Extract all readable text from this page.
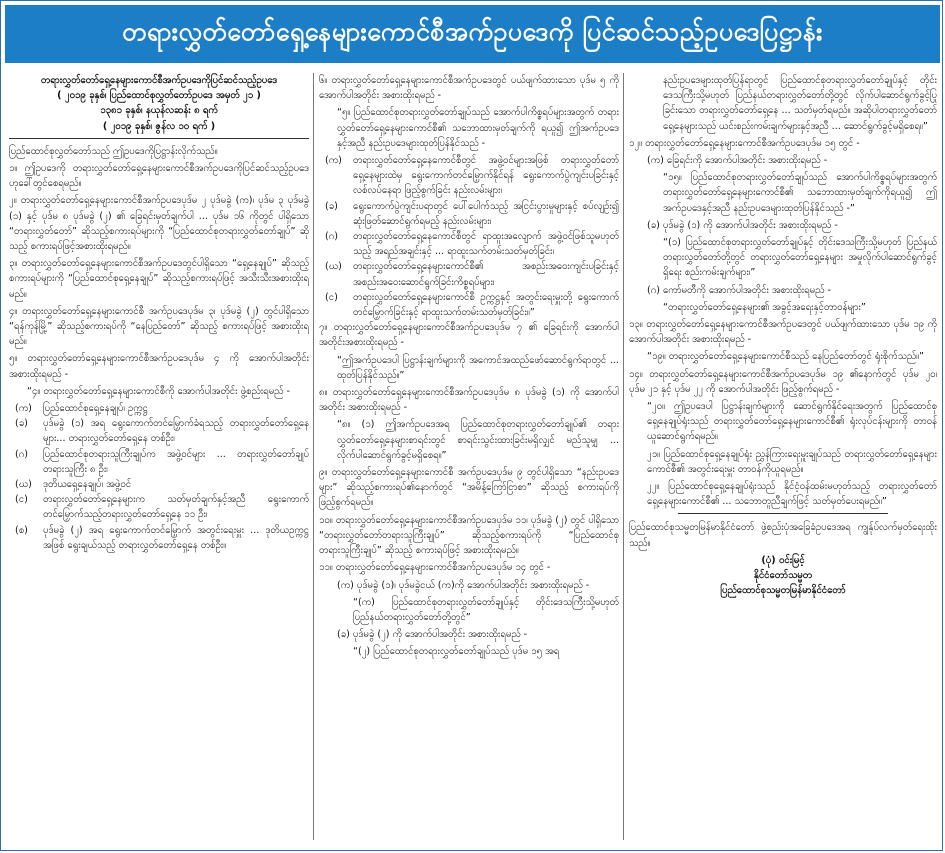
တရားလွှတ်တော်ရှေ့နေများကောင်စီအက်ဥပဒေကို ပြင်ဆင်သည့်ဥပဒေပြဋ္ဌာန်း
တရားလွှတ်တော်ရှေ့နေများကောင်စီအက်ဥပဒေကိုပြင်ဆင်သည့်ဥပဒေ
( ၂၀၁၉ ခုနှစ်၊ ပြည်ထောင်စုလွှတ်တော်ဥပဒေ အမှတ် ၂၁ )
၁၃၈၁ ခုနှစ်၊ နယုန်လဆန်း ၈ ရက်
( ၂၀၁၉ ခုနှစ်၊ ဇွန်လ ၁၀ ရက် )

ပြည်ထောင်စုလွှတ်တော်သည် ဤဥပဒေကိုပြဋ္ဌာန်းလိုက်သည်။

၁။ ဤဥပဒေကို တရားလွှတ်တော်ရှေ့နေများကောင်စီအက်ဥပဒေကိုပြင်ဆင်သည့်ဥပဒေဟုခေါ်တွင်စေရမည်။

၂။ တရားလွှတ်တော်ရှေ့နေများကောင်စီအက်ဥပဒေပုဒ်မ ၂ ပုဒ်မခွဲ (က)၊ ပုဒ်မ ၃ ပုဒ်မခွဲ (၁) နှင့် ပုဒ်မ ၈ ပုဒ်မခွဲ (၂) ၏ ခြေရင်းမှတ်ချက်ပါ ... ပုဒ်မ ၁၆ ကိုတွင် ပါရှိသော “တရားလွှတ်တော်” ဆိုသည့်စကားရပ်များကို “ပြည်ထောင်စုတရားလွှတ်တော်ချုပ်” ဆိုသည့် စကားရပ်ဖြင့်အစားထိုးရမည်။

၃။ တရားလွှတ်တော်ရှေ့နေများကောင်စီအက်ဥပဒေတွင်ပါရှိသော “ရှေ့နေချုပ်” ဆိုသည့် စကားရပ်များကို “ပြည်ထောင်စုရှေ့နေချုပ်” ဆိုသည့်စကားရပ်ဖြင့် အသီးသီးအစားထိုးရမည်။

၄။ တရားလွှတ်တော်ရှေ့နေများကောင်စီ အက်ဥပဒေပုဒ်မ ၃၊ ပုဒ်မခွဲ (၂) တွင်ပါရှိသော “ရန်ကုန်မြို့” ဆိုသည့်စကားရပ်ကို “နေပြည်တော်” ဆိုသည့် စကားရပ်ဖြင့် အစားထိုးရမည်။

၅။ တရားလွှတ်တော်ရှေ့နေများကောင်စီအက်ဥပဒေပုဒ်မ ၄ ကို အောက်ပါအတိုင်း အစားထိုးရမည် -

“၄။ တရားလွှတ်တော်ရှေ့နေများကောင်စီကို အောက်ပါအတိုင်း ဖွဲ့စည်းရမည် -

(က)	ပြည်ထောင်စုရှေ့နေချုပ်၊ ဥက္ကဋ္ဌ
(ခ)	ပုဒ်မခွဲ (၁) အရ ရွေးကောက်တင်မြှောက်ခံရသည့် တရားလွှတ်တော်ရှေ့နေများ... တရားလွှတ်တော်ရှေ့နေ တစ်ဦး၊
(ဂ)	ပြည်ထောင်စုတရားသူကြီးချုပ်က အဖွဲ့ဝင်များ ... တရားလွှတ်တော်ချုပ်တရားသူကြီး ၈ ဦး၊
(ဃ)	ဒုတိယရှေ့နေချုပ်၊ အဖွဲ့ဝင်
(င)	တရားလွှတ်တော်ရှေ့နေများက သတ်မှတ်ချက်နှင့်အညီ ရွေးကောက်တင်မြှောက်သည့်တရားလွှတ်တော်ရှေ့နေ ၁၁ ဦး၊
(စ)	ပုဒ်မခွဲ (၂) အရ ရွေးကောက်တင်မြှောက် အတွင်းရေးမှူး ... ဒုတိယဥက္ကဋ္ဌအဖြစ် ရွေးချယ်သည့် တရားလွှတ်တော်ရှေ့နေ တစ်ဦး။

၆။ တရားလွှတ်တော်ရှေ့နေများကောင်စီအက်ဥပဒေတွင် ပယ်ဖျက်ထားသော ပုဒ်မ ၅ ကို အောက်ပါအတိုင်း အစားထိုးရမည် -

“၅။ ပြည်ထောင်စုတရားလွှတ်တော်ချုပ်သည် အောက်ပါကိစ္စရပ်များအတွက် တရားလွှတ်တော်ရှေ့နေများကောင်စီ၏ သဘောထားမှတ်ချက်ကို ရယူ၍ ဤအက်ဥပဒေနှင့်အညီ နည်းဥပဒေများထုတ်ပြန်နိုင်သည် -

(က)	တရားလွှတ်တော်ရှေ့နေကောင်စီတွင် အဖွဲ့ဝင်များအဖြစ် တရားလွှတ်တော်ရှေ့နေများထဲမှ ရွေးကောက်တင်မြှောက်နိုင်ရန် ရွေးကောက်ပွဲကျင်းပခြင်းနှင့် လစ်လပ်နေရာ ဖြည့်စွက်ခြင်း နည်းလမ်းများ၊
(ခ)	ရွေးကောက်ပွဲကျင်းပရာတွင် ပေါ်ပေါက်သည့် အငြင်းပွားမှုများနှင့် စပ်လျဉ်း၍ ဆုံးဖြတ်ဆောင်ရွက်ရမည့် နည်းလမ်းများ၊
(ဂ)	တရားလွှတ်တော်ရှေ့နေကောင်စီတွင် ရာထူးအလျောက် အဖွဲ့ဝင်ဖြစ်သူမဟုတ်သည့် အရည်အချင်းနှင့် ... ရာထူးသက်တမ်းသတ်မှတ်ခြင်း၊
(ဃ)	တရားလွှတ်တော်ရှေ့နေများကောင်စီ၏ အစည်းအဝေးကျင်းပခြင်းနှင့် အစည်းအဝေးဆောင်ရွက်ခြင်းကိစ္စရပ်များ၊
(င)	တရားလွှတ်တော်ရှေ့နေများကောင်စီ ဥက္ကဋ္ဌနှင့် အတွင်းရေးမှူးတို့ ရွေးကောက်တင်မြှောက်ခြင်းနှင့် ရာထူးသက်တမ်းသတ်မှတ်ခြင်း။”

၇။ တရားလွှတ်တော်ရှေ့နေများကောင်စီအက်ဥပဒေပုဒ်မ ၇ ၏ ခြေရင်းကို အောက်ပါအတိုင်းအစားထိုးရမည် -

“ဤအက်ဥပဒေပါ ပြဋ္ဌာန်းချက်များကို အကောင်အထည်ဖော်ဆောင်ရွက်ရာတွင် ... ထုတ်ပြန်နိုင်သည်။”

၈။ တရားလွှတ်တော်ရှေ့နေများကောင်စီအက်ဥပဒေပုဒ်မ ၈ ပုဒ်မခွဲ (၁) ကို အောက်ပါအတိုင်း အစားထိုးရမည် -

“၈။ (၁) ဤအက်ဥပဒေအရ ပြည်ထောင်စုတရားလွှတ်တော်ချုပ်၏ တရားလွှတ်တော်ရှေ့နေများစာရင်းတွင် စာရင်းသွင်းထားခြင်းမရှိလျှင် မည်သူမျှ ... လိုက်ပါဆောင်ရွက်ခွင့်မရှိစေရ။”

၉။ တရားလွှတ်တော်ရှေ့နေများကောင်စီ အက်ဥပဒေပုဒ်မ ၉ တွင်ပါရှိသော “နည်းဥပဒေများ” ဆိုသည့်စကားရပ်၏နောက်တွင် “အမိန့်ကြော်ငြာစာ” ဆိုသည့် စကားရပ်ကို ဖြည့်စွက်ရမည်။

၁၀။ တရားလွှတ်တော်ရှေ့နေများကောင်စီအက်ဥပဒေပုဒ်မ ၁၁၊ ပုဒ်မခွဲ (၂) တွင် ပါရှိသော “တရားလွှတ်တော်တရားသူကြီးချုပ်” ဆိုသည့်စကားရပ်ကို “ပြည်ထောင်စုတရားသူကြီးချုပ်” ဆိုသည့် စကားရပ်ဖြင့် အစားထိုးရမည်။

၁၁။ တရားလွှတ်တော်ရှေ့နေများကောင်စီအက်ဥပဒေပုဒ်မ ၁၄ တွင် -

(က) ပုဒ်မခွဲ (၁)၊ ပုဒ်မခွဲငယ် (က)ကို အောက်ပါအတိုင်း အစားထိုးရမည် -

“(က) ပြည်ထောင်စုတရားလွှတ်တော်ချုပ်နှင့် တိုင်းဒေသကြီးသို့မဟုတ် ပြည်နယ်တရားလွှတ်တော်တို့တွင်”

(ခ) ပုဒ်မခွဲ (၂) ကို အောက်ပါအတိုင်း အစားထိုးရမည် -

“(၂) ပြည်ထောင်စုတရားလွှတ်တော်ချုပ်သည် ပုဒ်မ ၁၅ အရ

နည်းဥပဒေများထုတ်ပြန်ရာတွင် ပြည်ထောင်စုတရားလွှတ်တော်ချုပ်နှင့် တိုင်းဒေသကြီးသို့မဟုတ် ပြည်နယ်တရားလွှတ်တော်တို့တွင် လိုက်ပါဆောင်ရွက်ခွင့်ပြုခြင်းသော တရားလွှတ်တော်ရှေ့နေ ... သတ်မှတ်ရမည်။ အဆိုပါတရားလွှတ်တော်ရှေ့နေများသည် ယင်းစည်းကမ်းချက်များနှင့်အညီ ... ဆောင်ရွက်ခွင့်မရှိစေရ။”

၁၂။ တရားလွှတ်တော်ရှေ့နေများကောင်စီအက်ဥပဒေပုဒ်မ ၁၅ တွင် -

(က) ခြေရင်းကို အောက်ပါအတိုင်း အစားထိုးရမည် -

“၁၅။ ပြည်ထောင်စုတရားလွှတ်တော်ချုပ်သည် အောက်ပါကိစ္စရပ်များအတွက် တရားလွှတ်တော်ရှေ့နေများကောင်စီ၏ သဘောထားမှတ်ချက်ကိုရယူ၍ ဤအက်ဥပဒေနှင့်အညီ နည်းဥပဒေများထုတ်ပြန်နိုင်သည် -”

(ခ) ပုဒ်မခွဲ (၁) ကို အောက်ပါအတိုင်း အစားထိုးရမည် -

“(၁) ပြည်ထောင်စုတရားလွှတ်တော်ချုပ်နှင့် တိုင်းဒေသကြီးသို့မဟုတ် ပြည်နယ်တရားလွှတ်တော်တို့တွင် တရားလွှတ်တော်ရှေ့နေများ အမှုလိုက်ပါဆောင်ရွက်ခွင့်ရှိရေး စည်းကမ်းချက်များ၊”

(ဂ) ကော်မတီကို အောက်ပါအတိုင်း အစားထိုးရမည် -

“တရားလွှတ်တော်ရှေ့နေများ၏ အခွင့်အရေးနှင့်တာဝန်များ”

၁၃။ တရားလွှတ်တော်ရှေ့နေများကောင်စီအက်ဥပဒေတွင် ပယ်ဖျက်ထားသော ပုဒ်မ ၁၉ ကို အောက်ပါအတိုင်း အစားထိုးရမည် -

“၁၉။ တရားလွှတ်တော်ရှေ့နေများကောင်စီသည် နေပြည်တော်တွင် ရုံးစိုက်သည်။”

၁၄။ တရားလွှတ်တော်ရှေ့နေများကောင်စီအက်ဥပဒေပုဒ်မ ၁၉ ၏နောက်တွင် ပုဒ်မ ၂၀၊ ပုဒ်မ ၂၁ နှင့် ပုဒ်မ ၂၂ ကို အောက်ပါအတိုင်း ဖြည့်စွက်ရမည် -

“၂၀။ ဤဥပဒေပါ ပြဋ္ဌာန်းချက်များကို ဆောင်ရွက်နိုင်ရေးအတွက် ပြည်ထောင်စုရှေ့နေချုပ်ရုံးသည် တရားလွှတ်တော်ရှေ့နေများကောင်စီ၏ ရုံးလုပ်ငန်းများကို တာဝန်ယူဆောင်ရွက်ရမည်။

၂၁။ ပြည်ထောင်စုရှေ့နေချုပ်ရုံး ညွှန်ကြားရေးမှူးချုပ်သည် တရားလွှတ်တော်ရှေ့နေများကောင်စီ၏ အတွင်းရေးမှူး တာဝန်ကိုယူရမည်။

၂၂။ ပြည်ထောင်စုရှေ့နေချုပ်ရုံးသည် နိုင်ငံ့ဝန်ထမ်းမဟုတ်သည့် တရားလွှတ်တော်ရှေ့နေများကောင်စီ၏ ... သဘောတူညီချက်ဖြင့် သတ်မှတ်ပေးရမည်။”

ပြည်ထောင်စုသမ္မတမြန်မာနိုင်ငံတော် ဖွဲ့စည်းပုံအခြေခံဥပဒေအရ ကျွန်ုပ်လက်မှတ်ရေးထိုးသည်။

(ပုံ) ဝင်းမြင့်
နိုင်ငံတော်သမ္မတ
ပြည်ထောင်စုသမ္မတမြန်မာနိုင်ငံတော်
